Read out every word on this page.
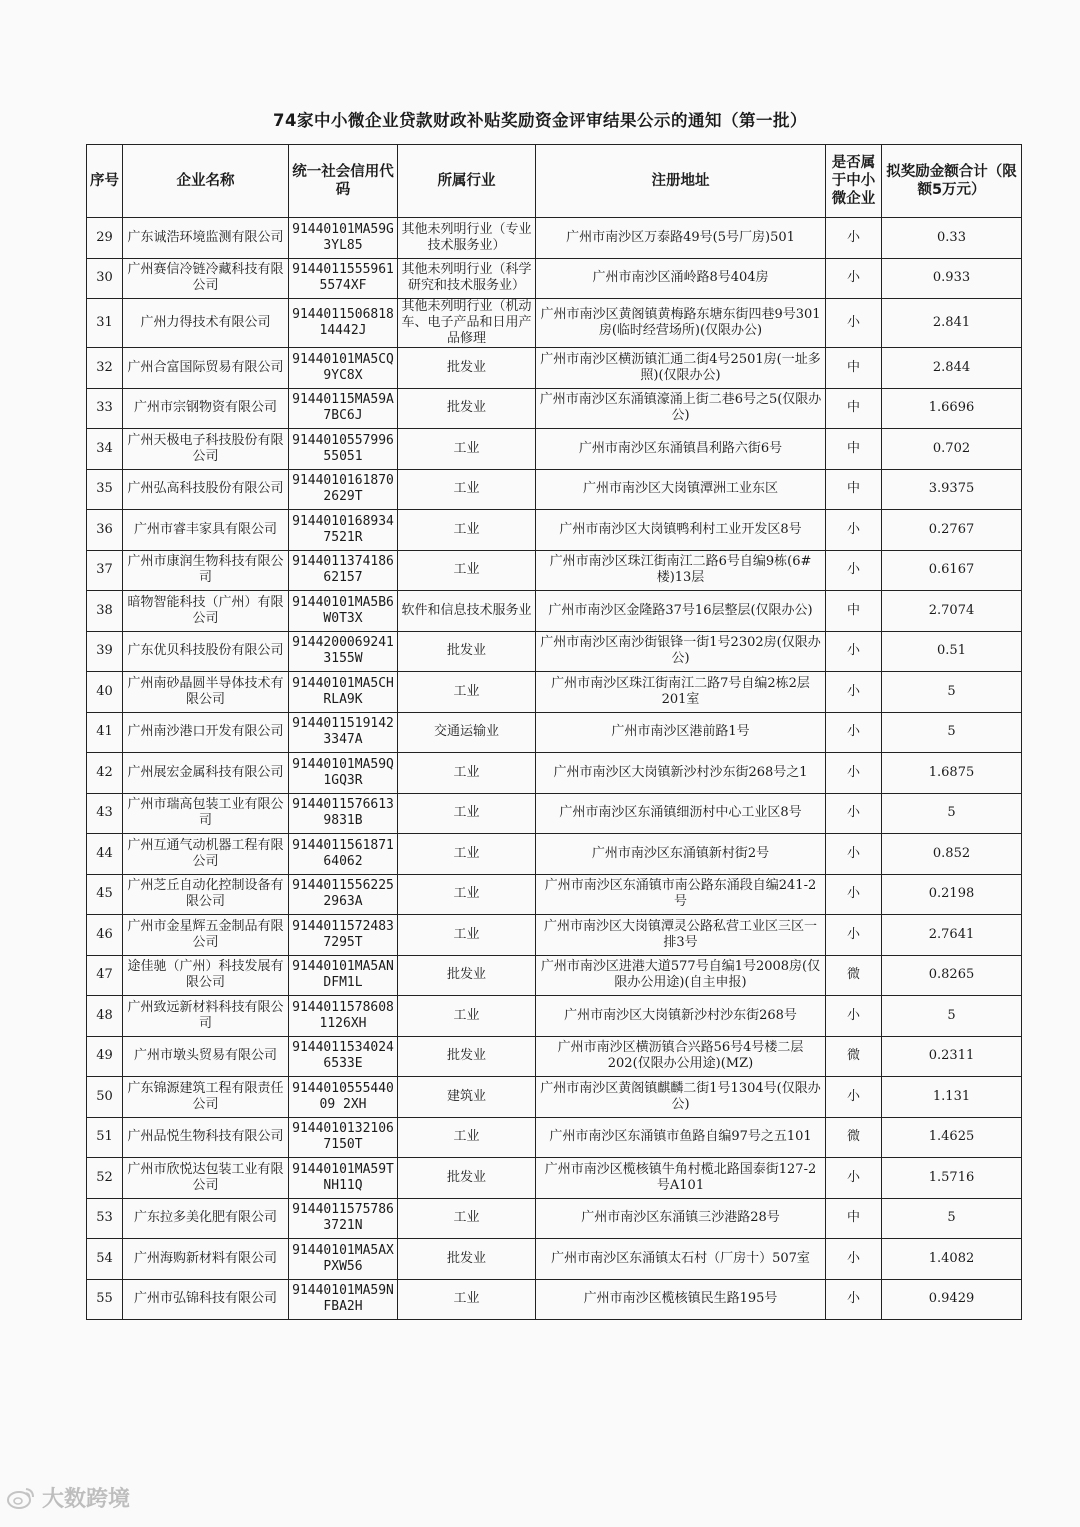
74家中小微企业贷款财政补贴奖励资金评审结果公示的通知（第一批）
序号	企业名称	统一社会信用代码	所属行业	注册地址	是否属于中小微企业	拟奖励金额合计（限额5万元）
29	广东诚浩环境监测有限公司	91440101MA59G3YL85	其他未列明行业（专业技术服务业）	广州市南沙区万泰路49号(5号厂房)501	小	0.33
30	广州赛信冷链冷藏科技有限公司	91440115559615574XF	其他未列明行业（科学研究和技术服务业）	广州市南沙区涌岭路8号404房	小	0.933
31	广州力得技术有限公司	914401150681814442J	其他未列明行业（机动车、电子产品和日用产品修理	广州市南沙区黄阁镇黄梅路东塘东街四巷9号301房(临时经营场所)(仅限办公)	小	2.841
32	广州合富国际贸易有限公司	91440101MA5CQ9YC8X	批发业	广州市南沙区横沥镇汇通二街4号2501房(一址多照)(仅限办公)	中	2.844
33	广州市宗钢物资有限公司	91440115MA59A7BC6J	批发业	广州市南沙区东涌镇濠涌上街二巷6号之5(仅限办公)	中	1.6696
34	广州天极电子科技股份有限公司	914401055799655051	工业	广州市南沙区东涌镇昌利路六街6号	中	0.702
35	广州弘高科技股份有限公司	91440101618702629T	工业	广州市南沙区大岗镇潭洲工业东区	中	3.9375
36	广州市睿丰家具有限公司	91440101689347521R	工业	广州市南沙区大岗镇鸭利村工业开发区8号	小	0.2767
37	广州市康润生物科技有限公司	914401137418662157	工业	广州市南沙区珠江街南江二路6号自编9栋(6#楼)13层	小	0.6167
38	暗物智能科技（广州）有限公司	91440101MA5B6W0T3X	软件和信息技术服务业	广州市南沙区金隆路37号16层整层(仅限办公)	中	2.7074
39	广东优贝科技股份有限公司	91442000692413155W	批发业	广州市南沙区南沙街银锋一街1号2302房(仅限办公)	小	0.51
40	广州南砂晶圆半导体技术有限公司	91440101MA5CHRLA9K	工业	广州市南沙区珠江街南江二路7号自编2栋2层201室	小	5
41	广州南沙港口开发有限公司	91440115191423347A	交通运输业	广州市南沙区港前路1号	小	5
42	广州展宏金属科技有限公司	91440101MA59Q1GQ3R	工业	广州市南沙区大岗镇新沙村沙东街268号之1	小	1.6875
43	广州市瑞高包装工业有限公司	91440115766139831B	工业	广州市南沙区东涌镇细沥村中心工业区8号	小	5
44	广州互通气动机器工程有限公司	914401156187164062	工业	广州市南沙区东涌镇新村街2号	小	0.852
45	广州芝丘自动化控制设备有限公司	91440115562252963A	工业	广州市南沙区东涌镇市南公路东涌段自编241-2号	小	0.2198
46	广州市金星辉五金制品有限公司	91440115724837295T	工业	广州市南沙区大岗镇潭灵公路私营工业区三区一排3号	小	2.7641
47	途佳驰（广州）科技发展有限公司	91440101MA5ANDFM1L	批发业	广州市南沙区进港大道577号自编1号2008房(仅限办公用途)(自主申报)	微	0.8265
48	广州致远新材料科技有限公司	91440115786081126XH	工业	广州市南沙区大岗镇新沙村沙东街268号	小	5
49	广州市墩头贸易有限公司	91440115340246533E	批发业	广州市南沙区横沥镇合兴路56号4号楼二层202(仅限办公用途)(MZ)	微	0.2311
50	广东锦源建筑工程有限责任公司	914401055544009 2XH	建筑业	广州市南沙区黄阁镇麒麟二街1号1304号(仅限办公)	小	1.131
51	广州品悦生物科技有限公司	91440101321067150T	工业	广州市南沙区东涌镇市鱼路自编97号之五101	微	1.4625
52	广州市欣悦达包装工业有限公司	91440101MA59TNH11Q	批发业	广州市南沙区榄核镇牛角村榄北路国泰街127-2号A101	小	1.5716
53	广东拉多美化肥有限公司	91440115757863721N	工业	广州市南沙区东涌镇三沙港路28号	中	5
54	广州海购新材料有限公司	91440101MA5AXPXW56	批发业	广州市南沙区东涌镇太石村（厂房十）507室	小	1.4082
55	广州市弘锦科技有限公司	91440101MA59NFBA2H	工业	广州市南沙区榄核镇民生路195号	小	0.9429
大数跨境
